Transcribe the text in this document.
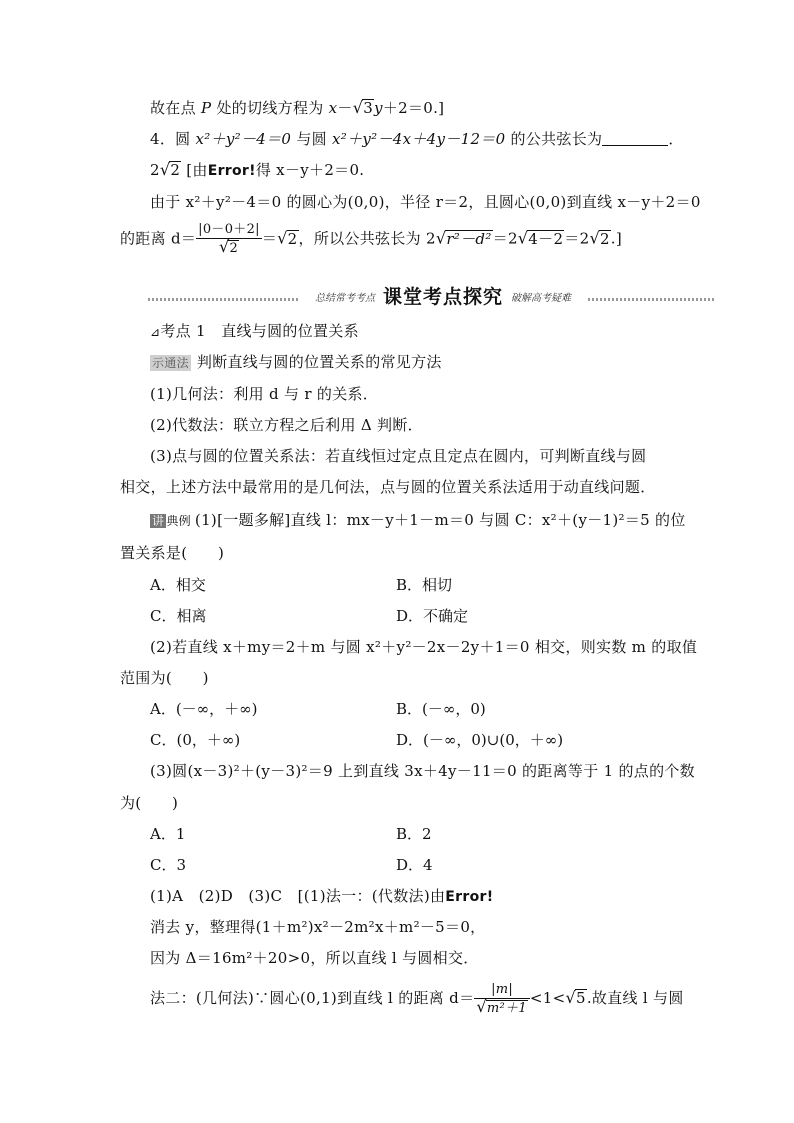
故在点 P 处的切线方程为 x－√3y＋2＝0.]
4．圆 x²＋y²－4＝0 与圆 x²＋y²－4x＋4y－12＝0 的公共弦长为	．
2√2 [由Error!得 x－y＋2＝0.
由于 x²＋y²－4＝0 的圆心为(0,0)，半径 r＝2，且圆心(0,0)到直线 x－y＋2＝0
的距离 $d= \frac{|0-0+2|}{√2} =√2$，所以公共弦长为 2√r²－d²＝2√4－2＝2√2.]
总结常考考点 课堂考点探究 破解高考疑难
⊿考点 1　 直线与圆的位置关系
示通法 判断直线与圆的位置关系的常见方法
(1)几何法：利用 d 与 r 的关系．
(2)代数法：联立方程之后利用 Δ 判断．
(3)点与圆的位置关系法：若直线恒过定点且定点在圆内，可判断直线与圆
相交，上述方法中最常用的是几何法，点与圆的位置关系法适用于动直线问题．
讲 典例 (1)[一题多解]直线 l：mx－y＋1－m＝0 与圆 C：x²＋(y－1)²＝5 的位
置关系是(　　)
A．相交	B．相切
C．相离	D．不确定
(2)若直线 x＋my＝2＋m 与圆 x²＋y²－2x－2y＋1＝0 相交，则实数 m 的取值
范围为(　　)
A．(－∞，＋∞)	B．(－∞，0)
C．(0，＋∞)	D．(－∞，0)∪(0，＋∞)
(3)圆(x－3)²＋(y－3)²＝9 上到直线 3x＋4y－11＝0 的距离等于 1 的点的个数
为(　　)
A．1	B．2
C．3	D．4
(1)A　(2)D　(3)C　[(1)法一：(代数法)由Error!
消去 y，整理得(1＋m²)x²－2m²x＋m²－5＝0，
因为 Δ＝16m²＋20>0，所以直线 l 与圆相交．
法二：(几何法)∵圆心(0,1)到直线 l 的距离 $d= \frac{|m|}{\text{√m²＋1}} <1<√5$.故直线 l 与圆
